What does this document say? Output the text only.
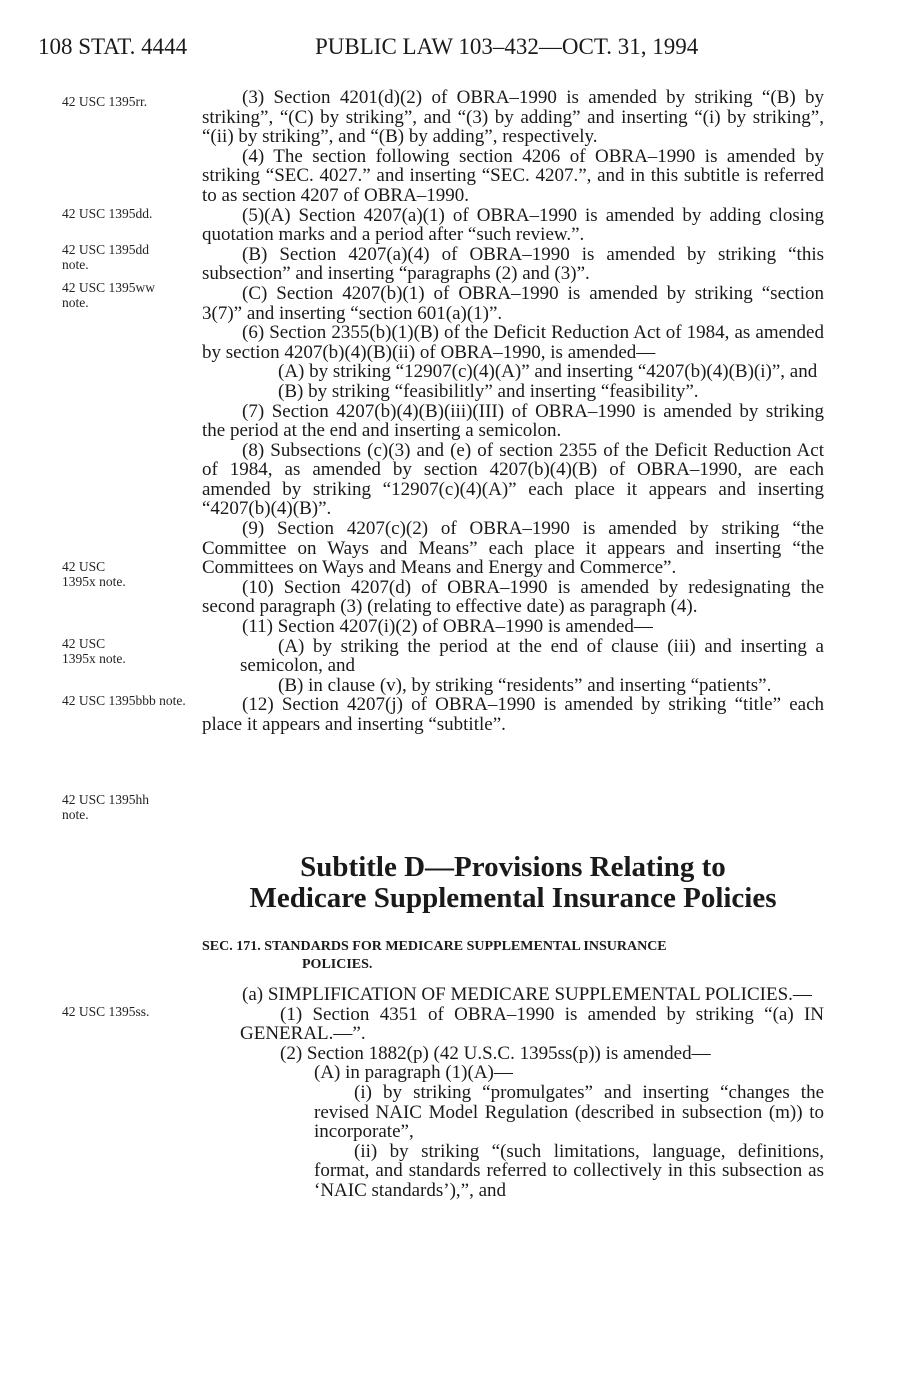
108 STAT. 4444	PUBLIC LAW 103–432—OCT. 31, 1994
42 USC 1395rr.
42 USC 1395dd.
42 USC 1395dd note.
42 USC 1395ww note.
42 USC 1395x note.
42 USC 1395x note.
42 USC 1395bbb note.
42 USC 1395hh note.
42 USC 1395ss.

(3) Section 4201(d)(2) of OBRA–1990 is amended by striking “(B) by striking”, “(C) by striking”, and “(3) by adding” and inserting “(i) by striking”, “(ii) by striking”, and “(B) by adding”, respectively.

(4) The section following section 4206 of OBRA–1990 is amended by striking “SEC. 4027.” and inserting “SEC. 4207.”, and in this subtitle is referred to as section 4207 of OBRA–1990.

(5)(A) Section 4207(a)(1) of OBRA–1990 is amended by adding closing quotation marks and a period after “such review.”.

(B) Section 4207(a)(4) of OBRA–1990 is amended by striking “this subsection” and inserting “paragraphs (2) and (3)”.

(C) Section 4207(b)(1) of OBRA–1990 is amended by striking “section 3(7)” and inserting “section 601(a)(1)”.

(6) Section 2355(b)(1)(B) of the Deficit Reduction Act of 1984, as amended by section 4207(b)(4)(B)(ii) of OBRA–1990, is amended—

(A) by striking “12907(c)(4)(A)” and inserting “4207(b)(4)(B)(i)”, and

(B) by striking “feasibilitly” and inserting “feasibility”.

(7) Section 4207(b)(4)(B)(iii)(III) of OBRA–1990 is amended by striking the period at the end and inserting a semicolon.

(8) Subsections (c)(3) and (e) of section 2355 of the Deficit Reduction Act of 1984, as amended by section 4207(b)(4)(B) of OBRA–1990, are each amended by striking “12907(c)(4)(A)” each place it appears and inserting “4207(b)(4)(B)”.

(9) Section 4207(c)(2) of OBRA–1990 is amended by striking “the Committee on Ways and Means” each place it appears and inserting “the Committees on Ways and Means and Energy and Commerce”.

(10) Section 4207(d) of OBRA–1990 is amended by redesignating the second paragraph (3) (relating to effective date) as paragraph (4).

(11) Section 4207(i)(2) of OBRA–1990 is amended—

(A) by striking the period at the end of clause (iii) and inserting a semicolon, and

(B) in clause (v), by striking “residents” and inserting “patients”.

(12) Section 4207(j) of OBRA–1990 is amended by striking “title” each place it appears and inserting “subtitle”.

Subtitle D—Provisions Relating to
Medicare Supplemental Insurance Policies
SEC. 171. STANDARDS FOR MEDICARE SUPPLEMENTAL INSURANCE
POLICIES.

(a) SIMPLIFICATION OF MEDICARE SUPPLEMENTAL POLICIES.—

(1) Section 4351 of OBRA–1990 is amended by striking “(a) IN GENERAL.—”.

(2) Section 1882(p) (42 U.S.C. 1395ss(p)) is amended—

(A) in paragraph (1)(A)—

(i) by striking “promulgates” and inserting “changes the revised NAIC Model Regulation (described in subsection (m)) to incorporate”,

(ii) by striking “(such limitations, language, definitions, format, and standards referred to collectively in this subsection as ‘NAIC standards’),”, and
